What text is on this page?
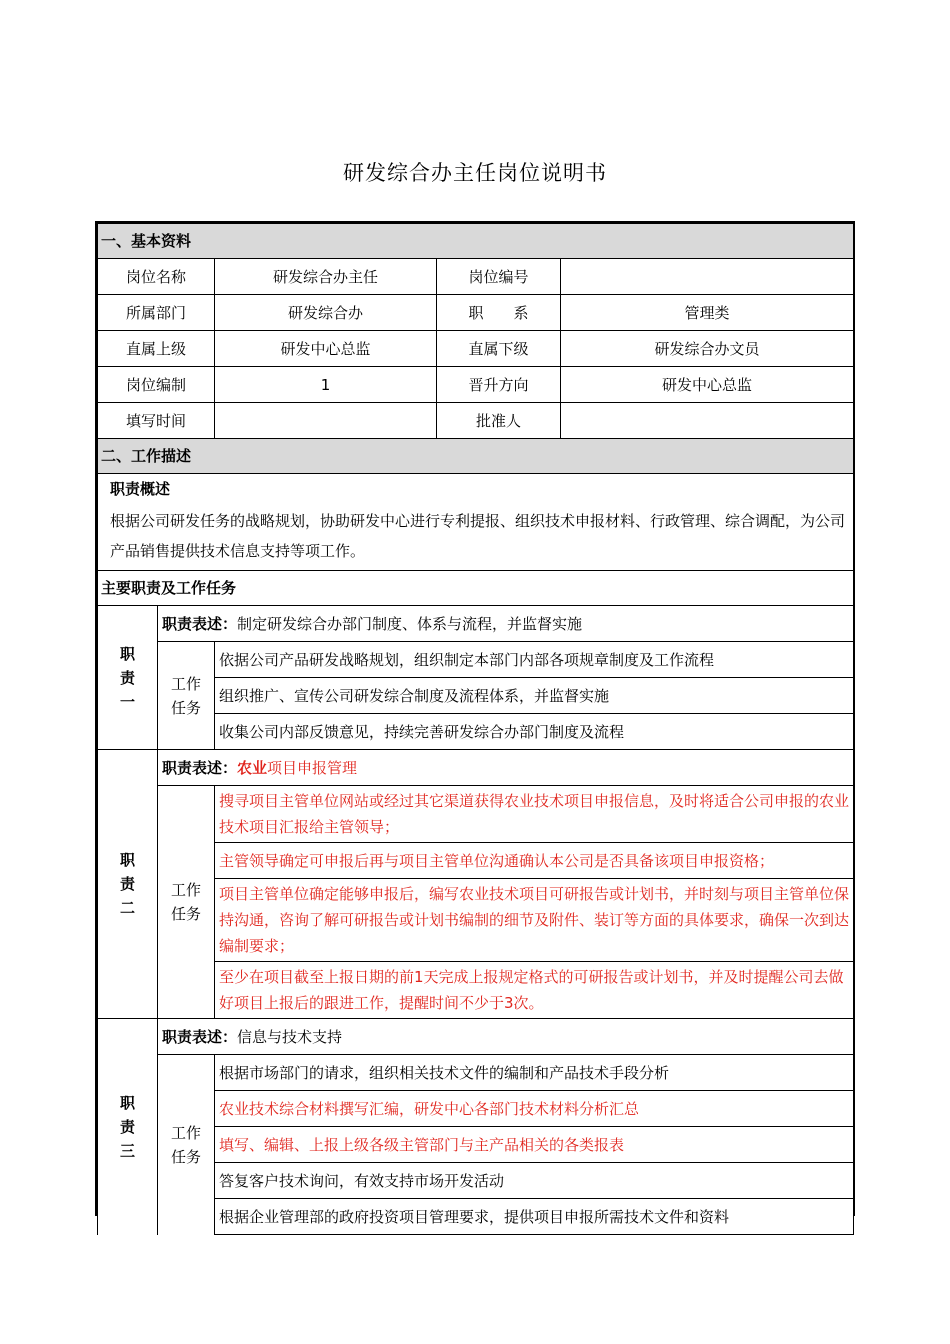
研发综合办主任岗位说明书
一、基本资料				
岗位名称		研发综合办主任	岗位编号	
所属部门		研发综合办	职　　系	管理类
直属上级		研发中心总监	直属下级	研发综合办文员
岗位编制		1	晋升方向	研发中心总监
填写时间			批准人	
二、工作描述				
职责概述				
根据公司研发任务的战略规划，协助研发中心进行专利提报、组织技术申报材料、行政管理、综合调配，为公司产品销售提供技术信息支持等项工作。				
主要职责及工作任务				
职责一	职责表述：制定研发综合办部门制度、体系与流程，并监督实施			
	工作任务	依据公司产品研发战略规划，组织制定本部门内部各项规章制度及工作流程		
		组织推广、宣传公司研发综合制度及流程体系，并监督实施		
		收集公司内部反馈意见，持续完善研发综合办部门制度及流程		
职责二	职责表述：农业项目申报管理			
	工作任务	搜寻项目主管单位网站或经过其它渠道获得农业技术项目申报信息，及时将适合公司申报的农业技术项目汇报给主管领导；		
		主管领导确定可申报后再与项目主管单位沟通确认本公司是否具备该项目申报资格；		
		项目主管单位确定能够申报后，编写农业技术项目可研报告或计划书，并时刻与项目主管单位保持沟通，咨询了解可研报告或计划书编制的细节及附件、装订等方面的具体要求，确保一次到达编制要求；		
		至少在项目截至上报日期的前1天完成上报规定格式的可研报告或计划书，并及时提醒公司去做好项目上报后的跟进工作，提醒时间不少于3次。		
职责三	职责表述：信息与技术支持			
	工作任务	根据市场部门的请求，组织相关技术文件的编制和产品技术手段分析		
		农业技术综合材料撰写汇编，研发中心各部门技术材料分析汇总		
		填写、编辑、上报上级各级主管部门与主产品相关的各类报表		
		答复客户技术询问，有效支持市场开发活动		
		根据企业管理部的政府投资项目管理要求，提供项目申报所需技术文件和资料		
